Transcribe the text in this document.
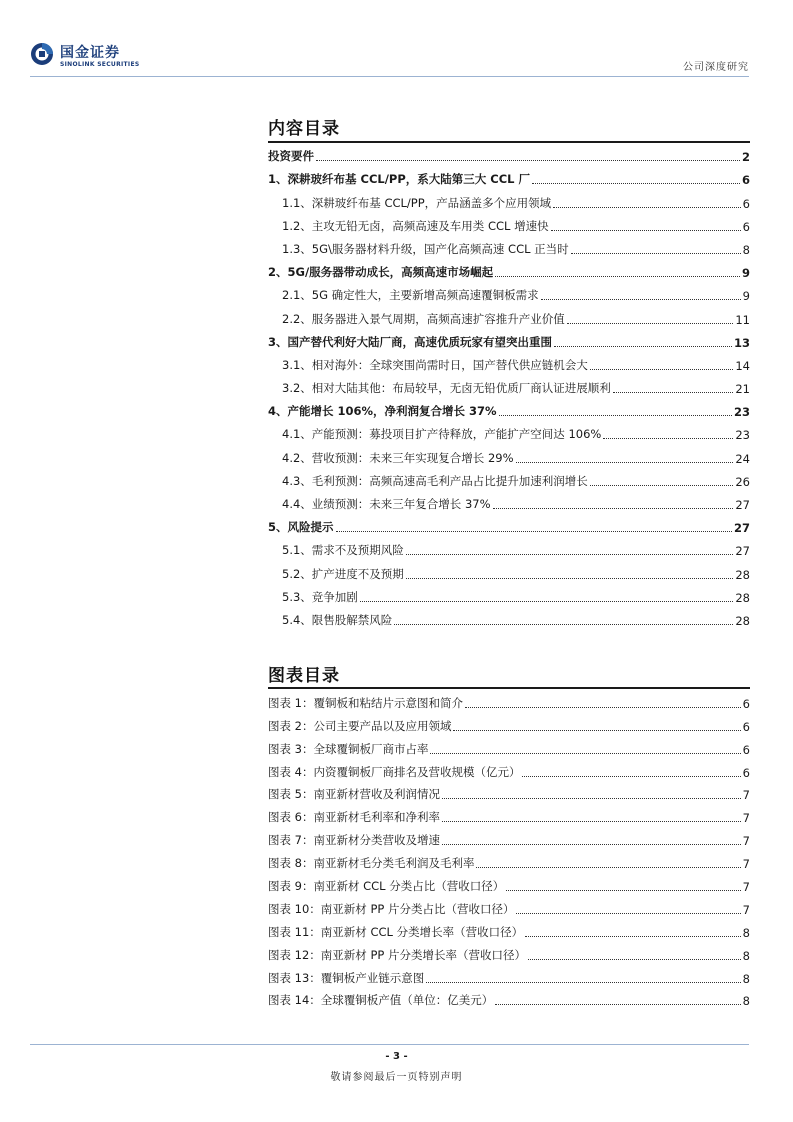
国金证券
SINOLINK SECURITIES	公司深度研究
内容目录
投资要件	2
1、深耕玻纤布基 CCL/PP，系大陆第三大 CCL 厂	6
1.1、深耕玻纤布基 CCL/PP，产品涵盖多个应用领域	6
1.2、主攻无铅无卤，高频高速及车用类 CCL 增速快	6
1.3、5G\服务器材料升级，国产化高频高速 CCL 正当时	8
2、5G/服务器带动成长，高频高速市场崛起	9
2.1、5G 确定性大，主要新增高频高速覆铜板需求	9
2.2、服务器进入景气周期，高频高速扩容推升产业价值	11
3、国产替代利好大陆厂商，高速优质玩家有望突出重围	13
3.1、相对海外：全球突围尚需时日，国产替代供应链机会大	14
3.2、相对大陆其他：布局较早，无卤无铅优质厂商认证进展顺利	21
4、产能增长 106%，净利润复合增长 37%	23
4.1、产能预测：募投项目扩产待释放，产能扩产空间达 106%	23
4.2、营收预测：未来三年实现复合增长 29%	24
4.3、毛利预测：高频高速高毛利产品占比提升加速利润增长	26
4.4、业绩预测：未来三年复合增长 37%	27
5、风险提示	27
5.1、需求不及预期风险	27
5.2、扩产进度不及预期	28
5.3、竞争加剧	28
5.4、限售股解禁风险	28
图表目录
图表 1：覆铜板和粘结片示意图和简介	6
图表 2：公司主要产品以及应用领域	6
图表 3：全球覆铜板厂商市占率	6
图表 4：内资覆铜板厂商排名及营收规模（亿元）	6
图表 5：南亚新材营收及利润情况	7
图表 6：南亚新材毛利率和净利率	7
图表 7：南亚新材分类营收及增速	7
图表 8：南亚新材毛分类毛利润及毛利率	7
图表 9：南亚新材 CCL 分类占比（营收口径）	7
图表 10：南亚新材 PP 片分类占比（营收口径）	7
图表 11：南亚新材 CCL 分类增长率（营收口径）	8
图表 12：南亚新材 PP 片分类增长率（营收口径）	8
图表 13：覆铜板产业链示意图	8
图表 14：全球覆铜板产值（单位：亿美元）	8
- 3 -
敬请参阅最后一页特别声明
